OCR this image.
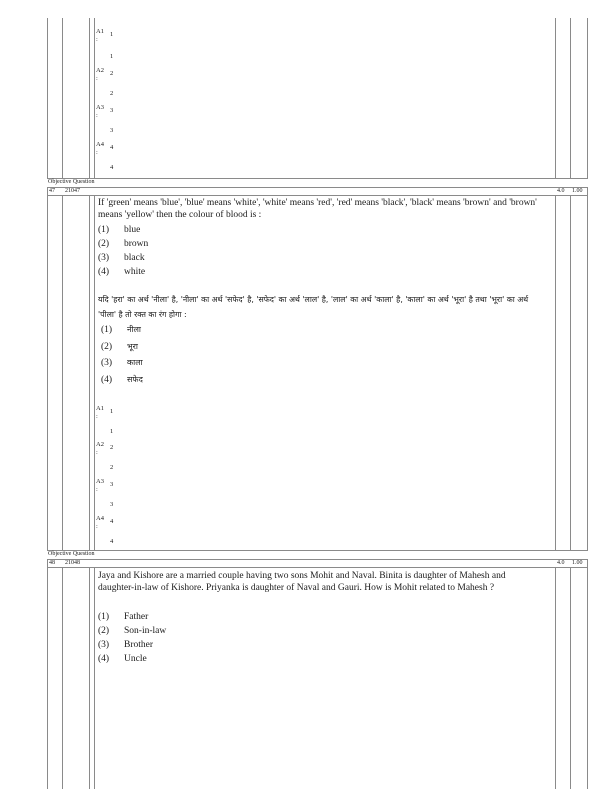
A1
:
1
1
A2
:
2
2
A3
:
3
3
A4
:
4
4
Objective Question
47 21047	4.0 1.00
If 'green' means 'blue', 'blue' means 'white', 'white' means 'red', 'red' means 'black', 'black' means 'brown' and 'brown' means 'yellow' then the colour of blood is :
(1) blue
(2) brown
(3) black
(4) white
यदि 'हरा' का अर्थ 'नीला' है, 'नीला' का अर्थ 'सफेद' है, 'सफेद' का अर्थ 'लाल' है, 'लाल' का अर्थ 'काला' है, 'काला' का अर्थ 'भूरा' है तथा 'भूरा' का अर्थ 'पीला' है तो रक्त का रंग होगा :
(1) नीला
(2) भूरा
(3) काला
(4) सफेद
A1
:
1
1
A2
:
2
2
A3
:
3
3
A4
:
4
4
Objective Question
48 21048	4.0 1.00
Jaya and Kishore are a married couple having two sons Mohit and Naval. Binita is daughter of Mahesh and daughter-in-law of Kishore. Priyanka is daughter of Naval and Gauri. How is Mohit related to Mahesh ?
(1) Father
(2) Son-in-law
(3) Brother
(4) Uncle
